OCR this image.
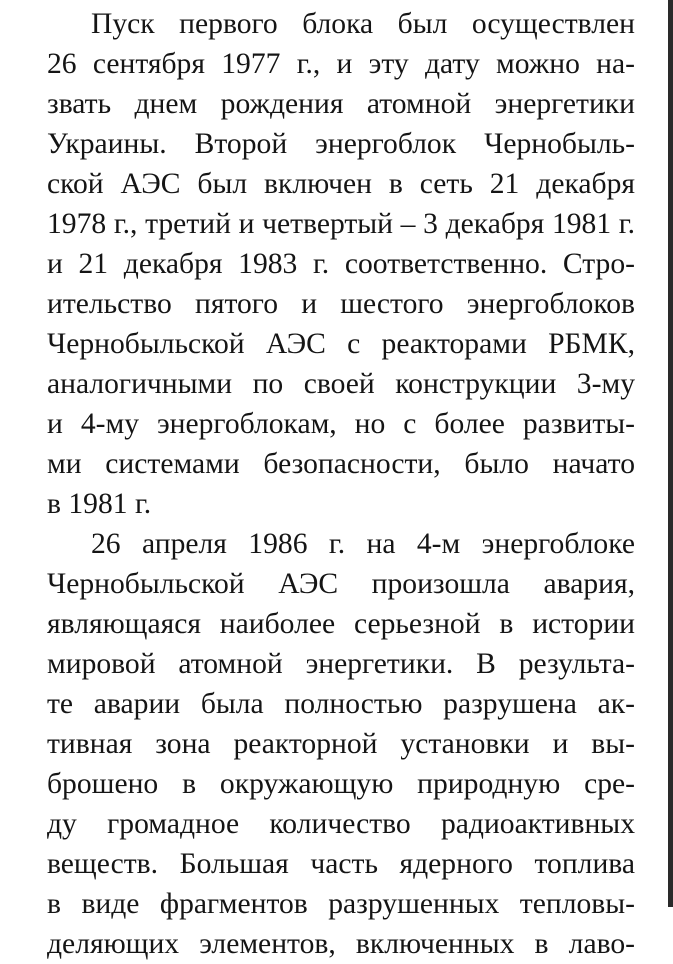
Пуск первого блока был осуществлен
26 сентября 1977 г., и эту дату можно на-
звать днем рождения атомной энергетики
Украины. Второй энергоблок Чернобыль-
ской АЭС был включен в сеть 21 декабря
1978 г., третий и четвертый – 3 декабря 1981 г.
и 21 декабря 1983 г. соответственно. Стро-
ительство пятого и шестого энергоблоков
Чернобыльской АЭС с реакторами РБМК,
аналогичными по своей конструкции 3-му
и 4-му энергоблокам, но с более развиты-
ми системами безопасности, было начато
в 1981 г.

26 апреля 1986 г. на 4-м энергоблоке
Чернобыльской АЭС произошла авария,
являющаяся наиболее серьезной в истории
мировой атомной энергетики. В результа-
те аварии была полностью разрушена ак-
тивная зона реакторной установки и вы-
брошено в окружающую природную сре-
ду громадное количество радиоактивных
веществ. Большая часть ядерного топлива
в виде фрагментов разрушенных тепловы-
деляющих элементов, включенных в лаво-
